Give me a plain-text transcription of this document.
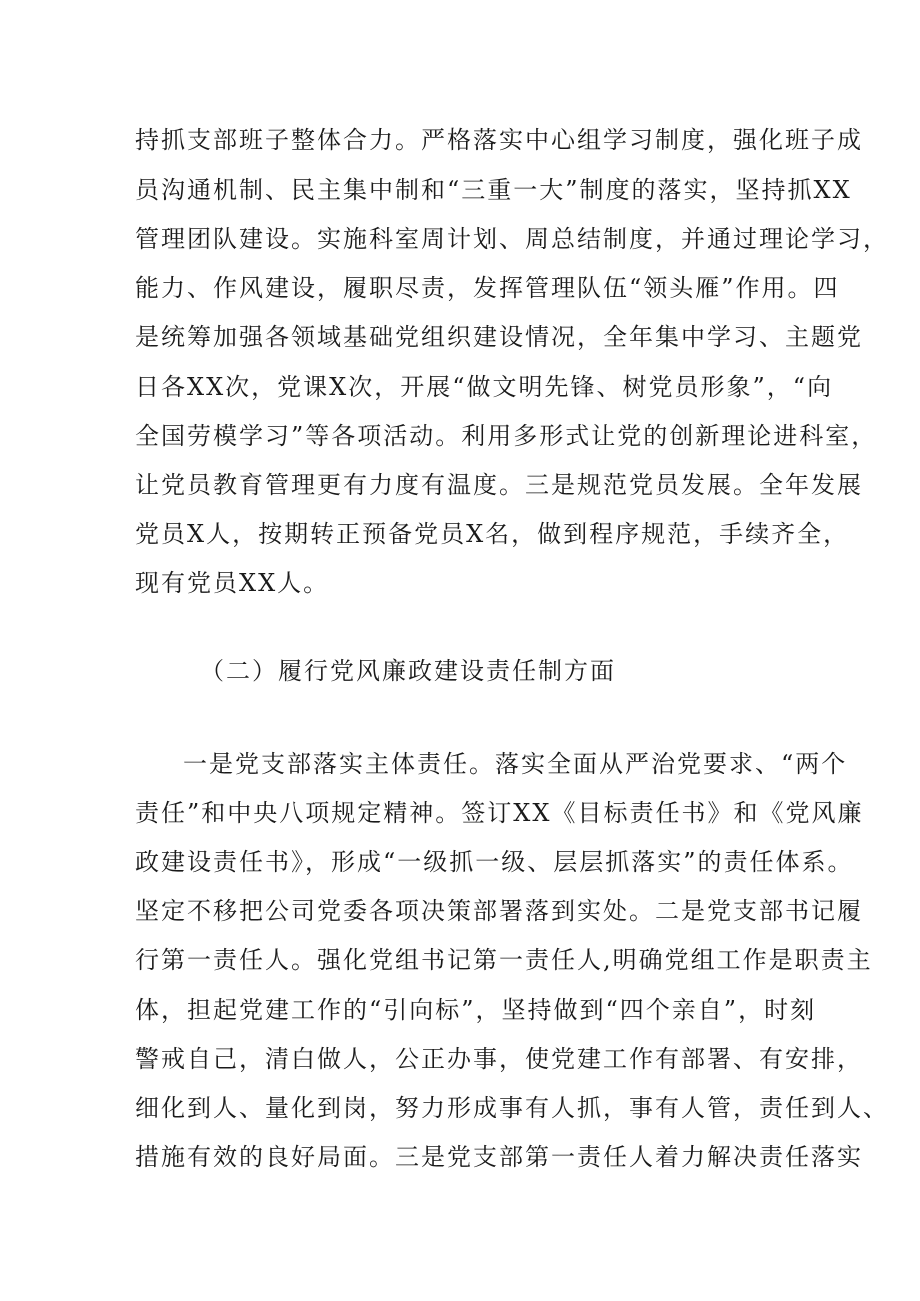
持抓支部班子整体合力。严格落实中心组学习制度，强化班子成
员沟通机制、民主集中制和“三重一大”制度的落实，坚持抓XX
管理团队建设。实施科室周计划、周总结制度，并通过理论学习，
能力、作风建设，履职尽责，发挥管理队伍“领头雁”作用。四
是统筹加强各领域基础党组织建设情况，全年集中学习、主题党
日各XX次，党课X次，开展“做文明先锋、树党员形象”，“向
全国劳模学习”等各项活动。利用多形式让党的创新理论进科室，
让党员教育管理更有力度有温度。三是规范党员发展。全年发展
党员X人，按期转正预备党员X名，做到程序规范，手续齐全，
现有党员XX人。
（二）履行党风廉政建设责任制方面
一是党支部落实主体责任。落实全面从严治党要求、“两个
责任”和中央八项规定精神。签订XX《目标责任书》和《党风廉
政建设责任书》，形成“一级抓一级、层层抓落实”的责任体系。
坚定不移把公司党委各项决策部署落到实处。二是党支部书记履
行第一责任人。强化党组书记第一责任人,明确党组工作是职责主
体，担起党建工作的“引向标”，坚持做到“四个亲自”，时刻
警戒自己，清白做人，公正办事，使党建工作有部署、有安排，
细化到人、量化到岗，努力形成事有人抓，事有人管，责任到人、
措施有效的良好局面。三是党支部第一责任人着力解决责任落实
